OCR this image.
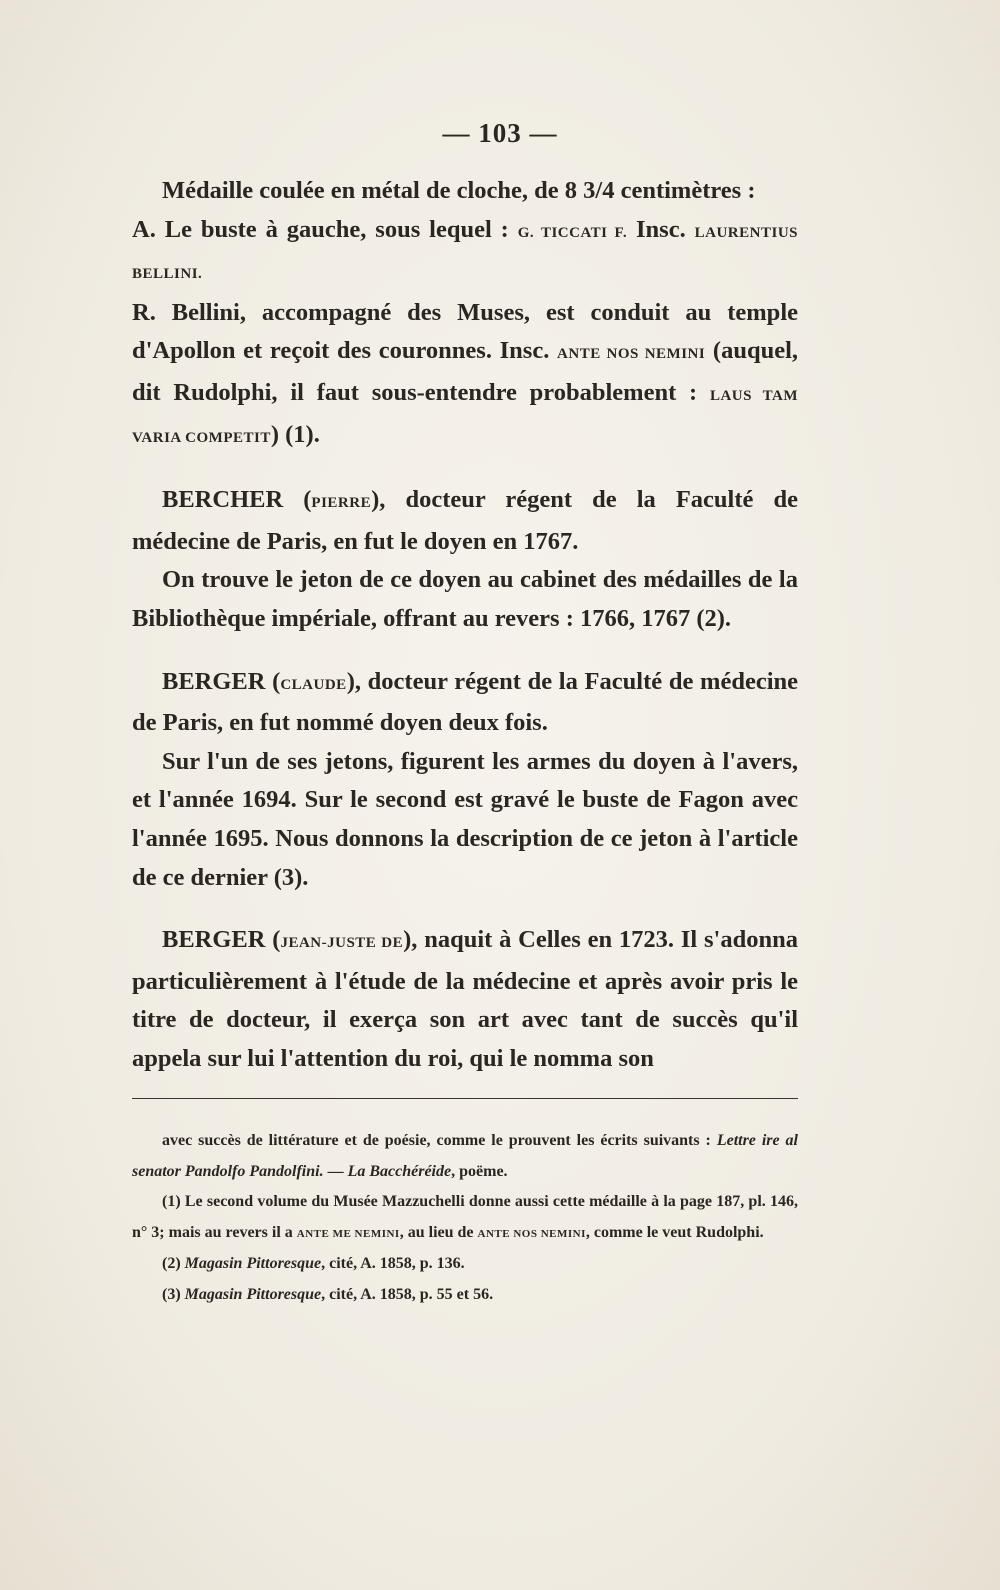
— 103 —

Médaille coulée en métal de cloche, de 8 3/4 centimètres :

A. Le buste à gauche, sous lequel : G. TICCATI F. Insc. LAURENTIUS BELLINI.

R. Bellini, accompagné des Muses, est conduit au temple d'Apollon et reçoit des couronnes. Insc. ANTE NOS NEMINI (auquel, dit Rudolphi, il faut sous-entendre probablement : LAUS TAM VARIA COMPETIT) (1).

BERCHER (PIERRE), docteur régent de la Faculté de médecine de Paris, en fut le doyen en 1767.

On trouve le jeton de ce doyen au cabinet des médailles de la Bibliothèque impériale, offrant au revers : 1766, 1767 (2).

BERGER (CLAUDE), docteur régent de la Faculté de médecine de Paris, en fut nommé doyen deux fois.

Sur l'un de ses jetons, figurent les armes du doyen à l'avers, et l'année 1694. Sur le second est gravé le buste de Fagon avec l'année 1695. Nous donnons la description de ce jeton à l'article de ce dernier (3).

BERGER (JEAN-JUSTE DE), naquit à Celles en 1723. Il s'adonna particulièrement à l'étude de la médecine et après avoir pris le titre de docteur, il exerça son art avec tant de succès qu'il appela sur lui l'attention du roi, qui le nomma son

avec succès de littérature et de poésie, comme le prouvent les écrits suivants : Lettre ire al senator Pandolfo Pandolfini. — La Bacchéréide, poëme.

(1) Le second volume du Musée Mazzuchelli donne aussi cette médaille à la page 187, pl. 146, n° 3; mais au revers il a ANTE ME NEMINI, au lieu de ANTE NOS NEMINI, comme le veut Rudolphi.

(2) Magasin Pittoresque, cité, A. 1858, p. 136.

(3) Magasin Pittoresque, cité, A. 1858, p. 55 et 56.
